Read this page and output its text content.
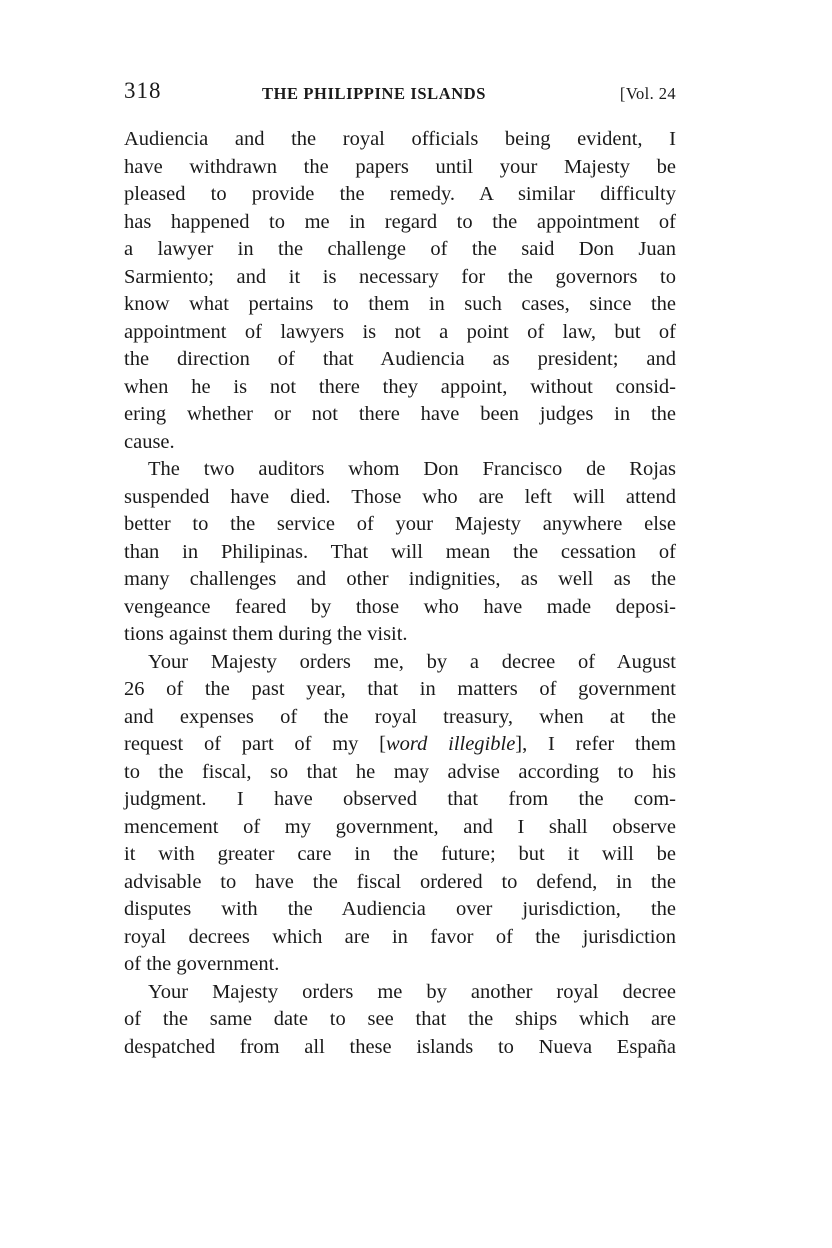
318	THE PHILIPPINE ISLANDS	[Vol. 24
Audiencia and the royal officials being evident, I
have withdrawn the papers until your Majesty be
pleased to provide the remedy. A similar difficulty
has happened to me in regard to the appointment of
a lawyer in the challenge of the said Don Juan
Sarmiento; and it is necessary for the governors to
know what pertains to them in such cases, since the
appointment of lawyers is not a point of law, but of
the direction of that Audiencia as president; and
when he is not there they appoint, without consid-
ering whether or not there have been judges in the
cause.
The two auditors whom Don Francisco de Rojas
suspended have died. Those who are left will attend
better to the service of your Majesty anywhere else
than in Philipinas. That will mean the cessation of
many challenges and other indignities, as well as the
vengeance feared by those who have made deposi-
tions against them during the visit.
Your Majesty orders me, by a decree of August
26 of the past year, that in matters of government
and expenses of the royal treasury, when at the
request of part of my [word illegible], I refer them
to the fiscal, so that he may advise according to his
judgment. I have observed that from the com-
mencement of my government, and I shall observe
it with greater care in the future; but it will be
advisable to have the fiscal ordered to defend, in the
disputes with the Audiencia over jurisdiction, the
royal decrees which are in favor of the jurisdiction
of the government.
Your Majesty orders me by another royal decree
of the same date to see that the ships which are
despatched from all these islands to Nueva España
